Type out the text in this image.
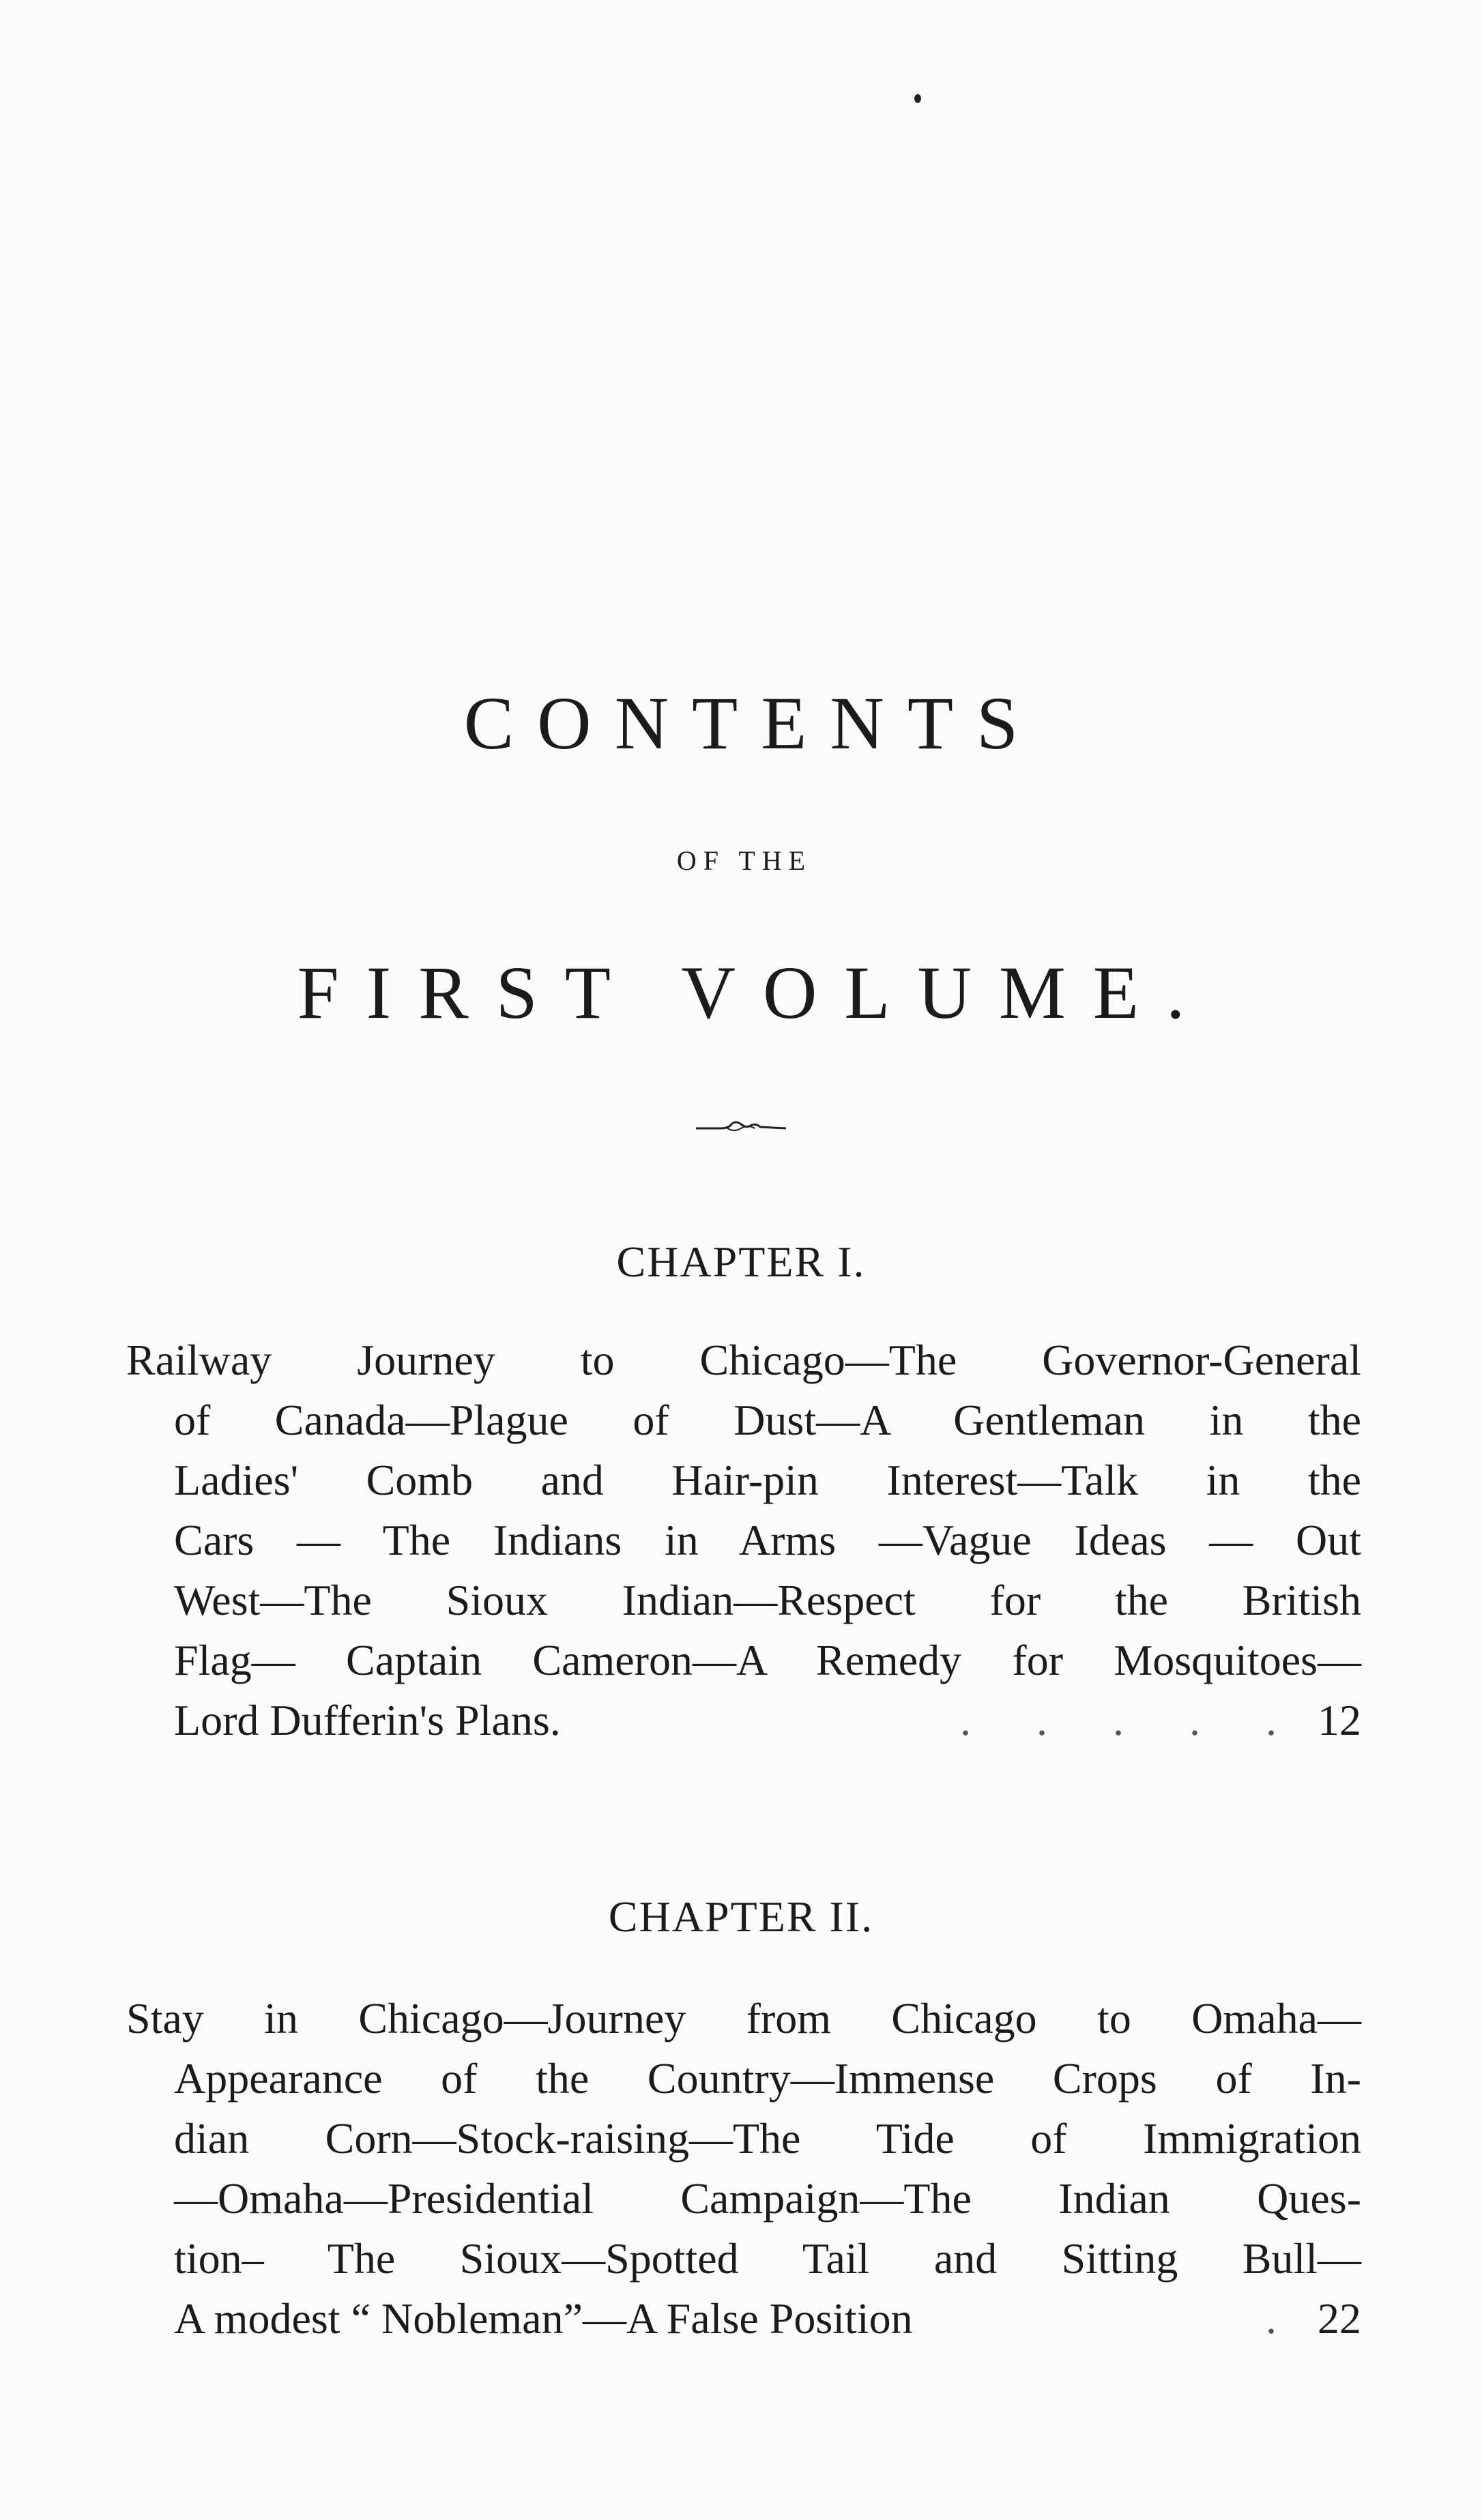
CONTENTS
OF THE
FIRST VOLUME.
CHAPTER I.
Railway Journey to Chicago—The Governor-General
of Canada—Plague of Dust—A Gentleman in the
Ladies' Comb and Hair-pin Interest—Talk in the
Cars — The Indians in Arms —Vague Ideas — Out
West—The Sioux Indian—Respect for the British
Flag— Captain Cameron—A Remedy for Mosquitoes—
Lord Dufferin's Plans.	. . . . . 12
CHAPTER II.
Stay in Chicago—Journey from Chicago to Omaha—
Appearance of the Country—Immense Crops of In-
dian Corn—Stock-raising—The Tide of Immigration
—Omaha—Presidential Campaign—The Indian Ques-
tion– The Sioux—Spotted Tail and Sitting Bull—
A modest “ Nobleman”—A False Position	. 22
